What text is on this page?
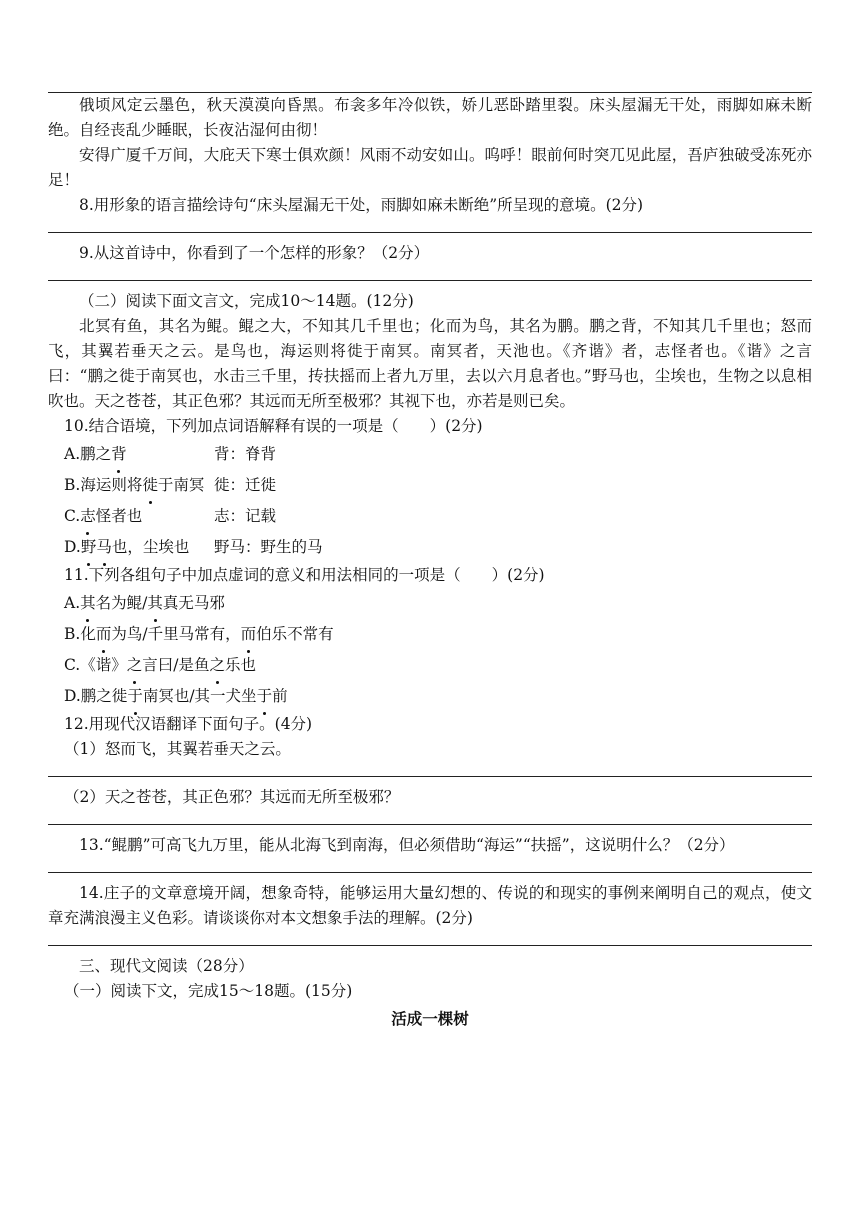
俄顷风定云墨色，秋天漠漠向昏黑。布衾多年冷似铁，娇儿恶卧踏里裂。床头屋漏无干处，雨脚如麻未断绝。自经丧乱少睡眠，长夜沾湿何由彻！

安得广厦千万间，大庇天下寒士俱欢颜！风雨不动安如山。呜呼！眼前何时突兀见此屋，吾庐独破受冻死亦足！

8.用形象的语言描绘诗句“床头屋漏无干处，雨脚如麻未断绝”所呈现的意境。(2分)

9.从这首诗中，你看到了一个怎样的形象？（2分）

（二）阅读下面文言文，完成10～14题。(12分)

北冥有鱼，其名为鲲。鲲之大，不知其几千里也；化而为鸟，其名为鹏。鹏之背，不知其几千里也；怒而飞，其翼若垂天之云。是鸟也，海运则将徙于南冥。南冥者，天池也。《齐谐》者，志怪者也。《谐》之言曰：“鹏之徙于南冥也，水击三千里，抟扶摇而上者九万里，去以六月息者也。”野马也，尘埃也，生物之以息相吹也。天之苍苍，其正色邪？其远而无所至极邪？其视下也，亦若是则已矣。

10.结合语境，下列加点词语解释有误的一项是（　　）(2分)

A.鹏之背	背：脊背
B.海运则将徙于南冥 徙：迁徙
C.志怪者也	志：记载
D.野马也，尘埃也	野马：野生的马

11.下列各组句子中加点虚词的意义和用法相同的一项是（　　）(2分)

A.其名为鲲/其真无马邪
B.化而为鸟/千里马常有，而伯乐不常有
C.《谐》之言曰/是鱼之乐也
D.鹏之徙于南冥也/其一犬坐于前

12.用现代汉语翻译下面句子。(4分)

（1）怒而飞，其翼若垂天之云。

（2）天之苍苍，其正色邪？其远而无所至极邪？

13.“鲲鹏”可高飞九万里，能从北海飞到南海，但必须借助“海运”“扶摇”，这说明什么？（2分）

14.庄子的文章意境开阔，想象奇特，能够运用大量幻想的、传说的和现实的事例来阐明自己的观点，使文章充满浪漫主义色彩。请谈谈你对本文想象手法的理解。(2分)

三、现代文阅读（28分）

（一）阅读下文，完成15～18题。(15分)

活成一棵树
